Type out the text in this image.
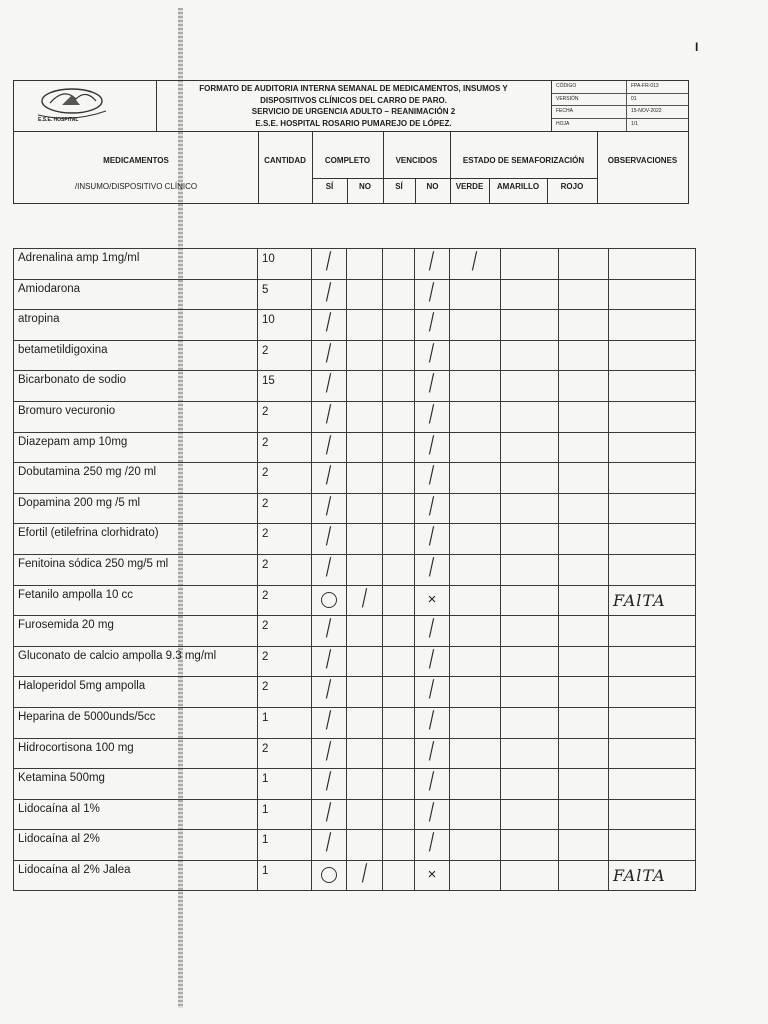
I
E.S.E. HOSPITAL
FORMATO DE AUDITORIA INTERNA SEMANAL DE MEDICAMENTOS, INSUMOS Y
DISPOSITIVOS CLÍNICOS DEL CARRO DE PARO.
SERVICIO DE URGENCIA ADULTO – REANIMACIÓN 2
E.S.E. HOSPITAL ROSARIO PUMAREJO DE LÓPEZ.
CÓDIGO	FPA-FR-013
VERSIÓN	01
FECHA	15-NOV-2022
HOJA	1/1
MEDICAMENTOS
/INSUMO/DISPOSITIVO CLÍNICO
CANTIDAD	COMPLETO	VENCIDOS	ESTADO DE SEMAFORIZACIÓN	OBSERVACIONES
SÍ	NO	SÍ	NO	VERDE	AMARILLO	ROJO
Adrenalina amp 1mg/ml	10	╱			╱	╱			
Amiodarona	5	╱			╱				
atropina	10	╱			╱				
betametildigoxina	2	╱			╱				
Bicarbonato de sodio	15	╱			╱				
Bromuro vecuronio	2	╱			╱				
Diazepam amp 10mg	2	╱			╱				
Dobutamina 250 mg /20 ml	2	╱			╱				
Dopamina 200 mg /5 ml	2	╱			╱				
Efortil (etilefrina clorhidrato)	2	╱			╱				
Fenitoina sódica 250 mg/5 ml	2	╱			╱				
Fetanilo ampolla 10 cc	2		╱		×				FAlTA
Furosemida 20 mg	2	╱			╱				
Gluconato de calcio ampolla 9.3 mg/ml	2	╱			╱				
Haloperidol 5mg ampolla	2	╱			╱				
Heparina de 5000unds/5cc	1	╱			╱				
Hidrocortisona 100 mg	2	╱			╱				
Ketamina 500mg	1	╱			╱				
Lidocaína al 1%	1	╱			╱				
Lidocaína al 2%	1	╱			╱				
Lidocaína al 2% Jalea	1		╱		×				FAlTA
